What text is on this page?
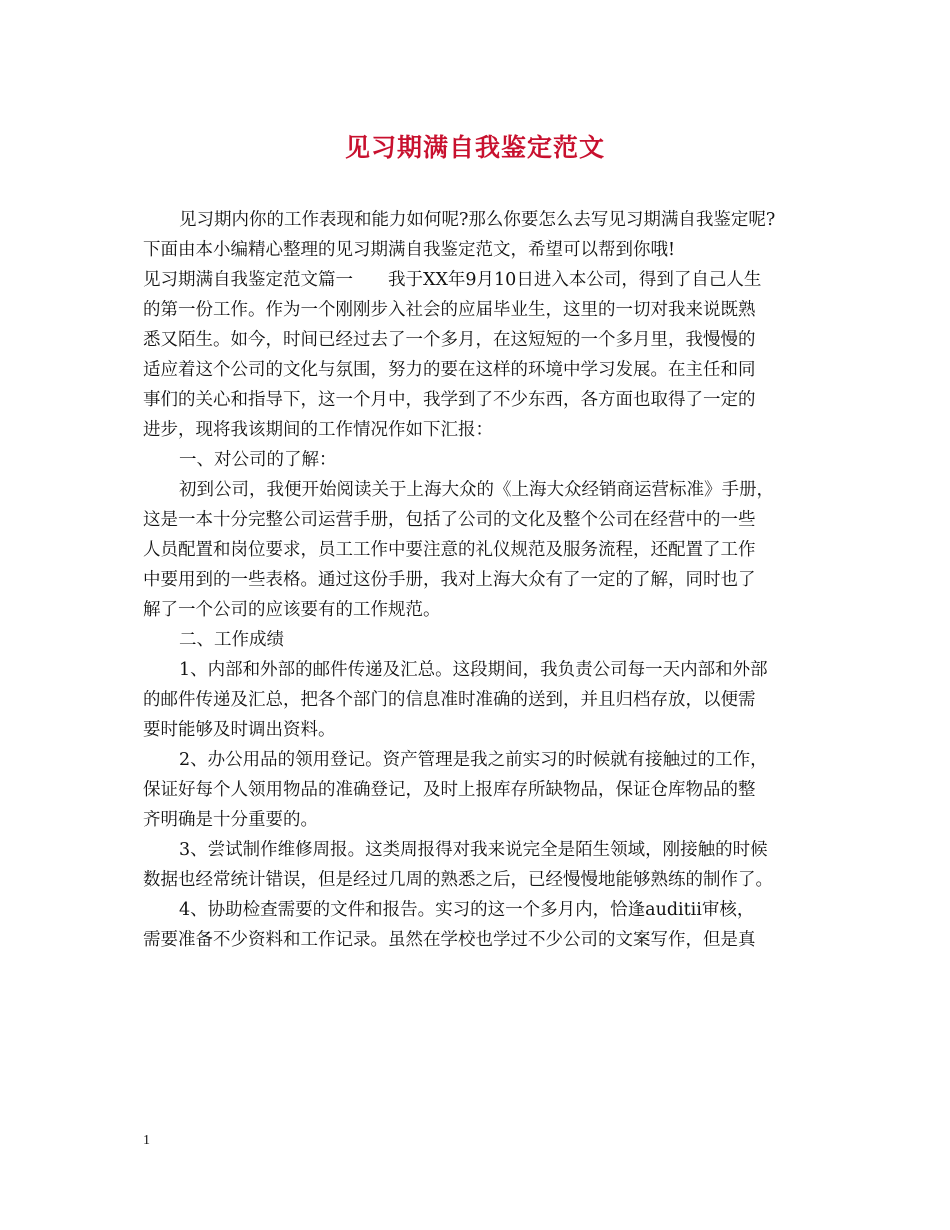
见习期满自我鉴定范文
见习期内你的工作表现和能力如何呢?那么你要怎么去写见习期满自我鉴定呢?
下面由本小编精心整理的见习期满自我鉴定范文，希望可以帮到你哦!
见习期满自我鉴定范文篇一　　我于XX年9月10日进入本公司，得到了自己人生
的第一份工作。作为一个刚刚步入社会的应届毕业生，这里的一切对我来说既熟
悉又陌生。如今，时间已经过去了一个多月，在这短短的一个多月里，我慢慢的
适应着这个公司的文化与氛围，努力的要在这样的环境中学习发展。在主任和同
事们的关心和指导下，这一个月中，我学到了不少东西，各方面也取得了一定的
进步，现将我该期间的工作情况作如下汇报：
一、对公司的了解：
初到公司，我便开始阅读关于上海大众的《上海大众经销商运营标准》手册，
这是一本十分完整公司运营手册，包括了公司的文化及整个公司在经营中的一些
人员配置和岗位要求，员工工作中要注意的礼仪规范及服务流程，还配置了工作
中要用到的一些表格。通过这份手册，我对上海大众有了一定的了解，同时也了
解了一个公司的应该要有的工作规范。
二、工作成绩
1、内部和外部的邮件传递及汇总。这段期间，我负责公司每一天内部和外部
的邮件传递及汇总，把各个部门的信息准时准确的送到，并且归档存放，以便需
要时能够及时调出资料。
2、办公用品的领用登记。资产管理是我之前实习的时候就有接触过的工作，
保证好每个人领用物品的准确登记，及时上报库存所缺物品，保证仓库物品的整
齐明确是十分重要的。
3、尝试制作维修周报。这类周报得对我来说完全是陌生领域，刚接触的时候
数据也经常统计错误，但是经过几周的熟悉之后，已经慢慢地能够熟练的制作了。
4、协助检查需要的文件和报告。实习的这一个多月内，恰逢auditii审核，
需要准备不少资料和工作记录。虽然在学校也学过不少公司的文案写作，但是真
1
